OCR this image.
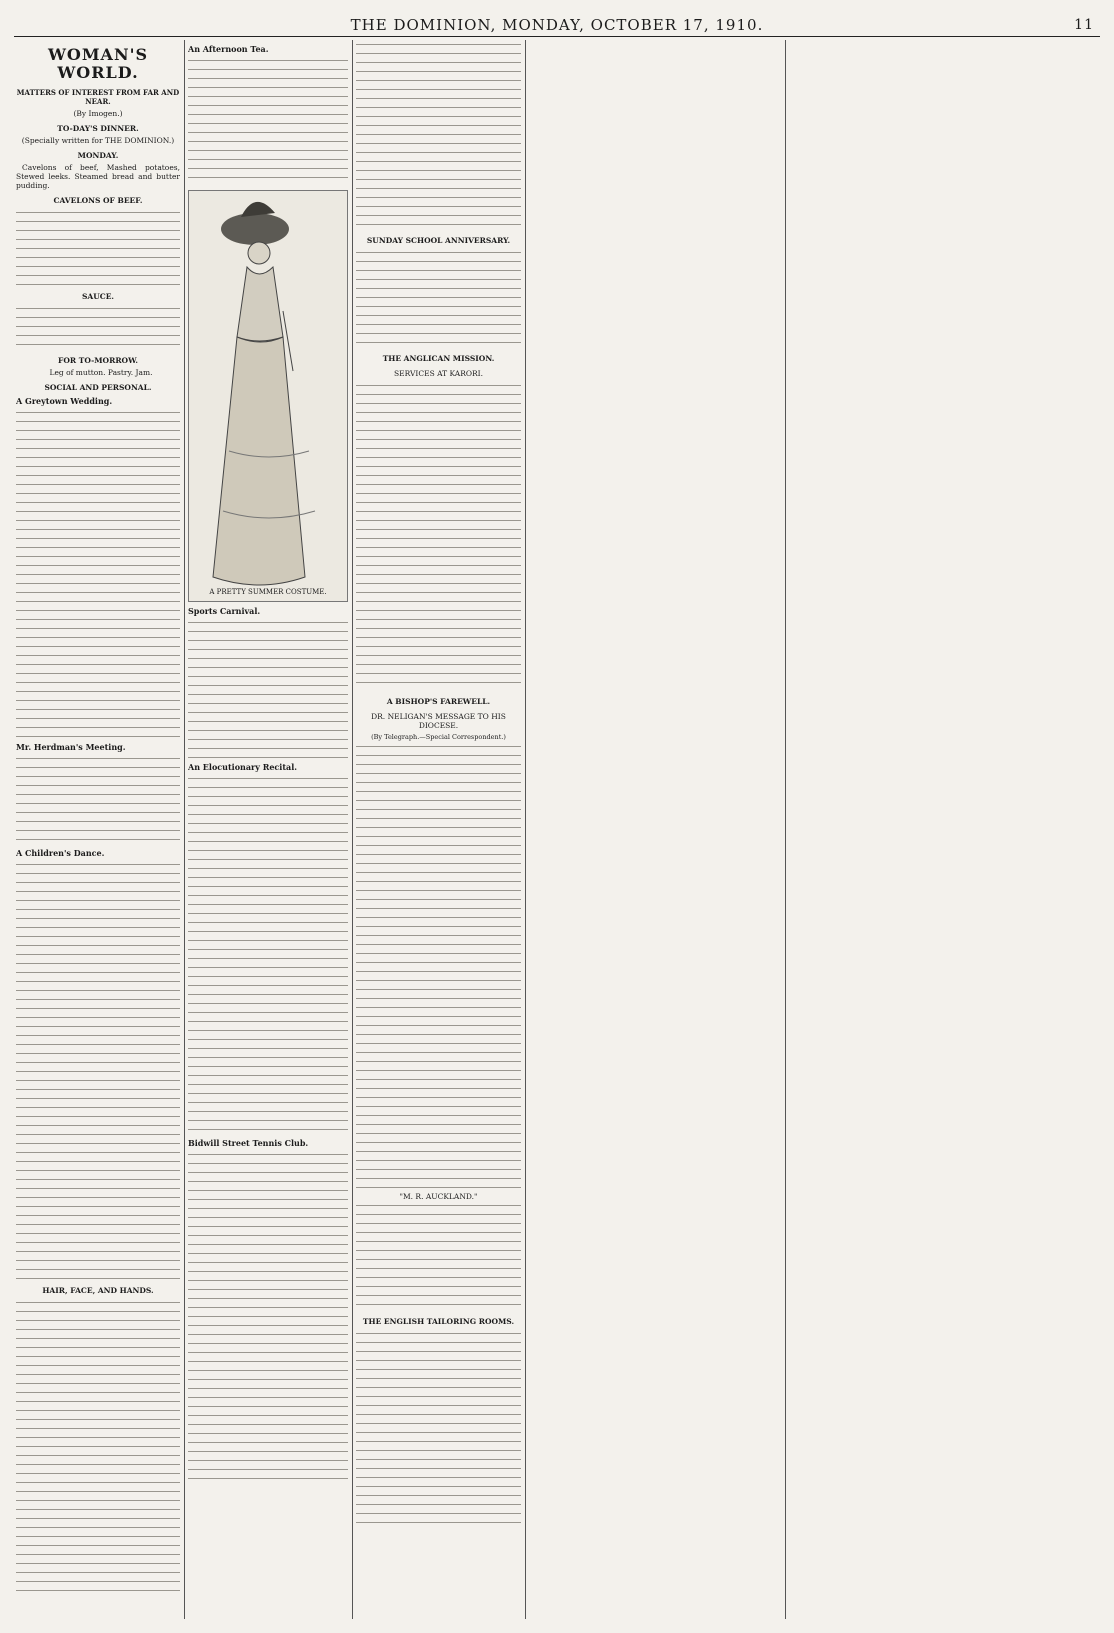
THE DOMINION, MONDAY, OCTOBER 17, 1910.	11
WOMAN'S WORLD.
MATTERS OF INTEREST FROM FAR AND NEAR.
(By Imogen.)
TO-DAY'S DINNER.
(Specially written for THE DOMINION.)
MONDAY.

Cavelons of beef, Mashed potatoes, Stewed leeks. Steamed bread and butter pudding.

CAVELONS OF BEEF.
SAUCE.
FOR TO-MORROW.

Leg of mutton. Pastry. Jam.

SOCIAL AND PERSONAL.
A Greytown Wedding.
Mr. Herdman's Meeting.
A Children's Dance.
HAIR, FACE, AND HANDS.
An Afternoon Tea.
A PRETTY SUMMER COSTUME.
Sports Carnival.
An Elocutionary Recital.
Bidwill Street Tennis Club.
SUNDAY SCHOOL ANNIVERSARY.
THE ANGLICAN MISSION.
SERVICES AT KARORI.
A BISHOP'S FAREWELL.
DR. NELIGAN'S MESSAGE TO HIS DIOCESE.
(By Telegraph.—Special Correspondent.)
"M. R. AUCKLAND."
THE ENGLISH TAILORING ROOMS.
